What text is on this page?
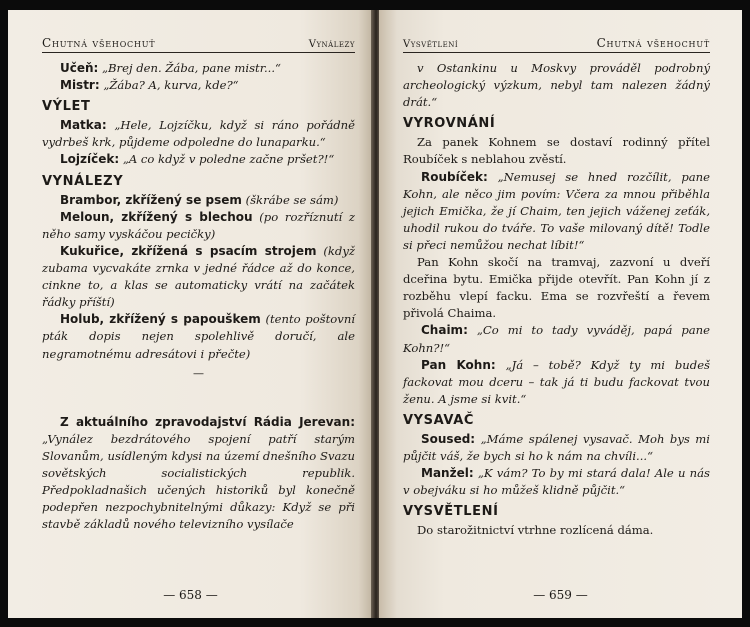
Chutná všehochuť	Vynálezy

Učeň: „Brej den. Žába, pane mistr...“

Mistr: „Žába? A, kurva, kde?“

VÝLET

Matka: „Hele, Lojzíčku, když si ráno pořádně vydrbeš krk, půjdeme odpoledne do lunaparku.“

Lojzíček: „A co když v poledne začne pršet?!“

VYNÁLEZY

Brambor, zkřížený se psem (škrábe se sám)

Meloun, zkřížený s blechou (po rozříznutí z něho samy vyskáčou pecičky)

Kukuřice, zkřížená s psacím strojem (když zubama vycvakáte zrnka v jedné řádce až do konce, cinkne to, a klas se automaticky vrátí na začátek řádky příští)

Holub, zkřížený s papouškem (tento poštovní pták dopis nejen spolehlivě doručí, ale negramotnému adresátovi i přečte)

—

Z aktuálního zpravodajství Rádia Jerevan: „Vynález bezdrátového spojení patří starým Slovanům, usídleným kdysi na území dnešního Svazu sovětských socialistických republik. Předpokladnašich učených historiků byl konečně podepřen nezpochybnitelnými důkazy: Když se při stavbě základů nového televizního vysílače

— 658 —
Vysvětlení	Chutná všehochuť

v Ostankinu u Moskvy prováděl podrobný archeologický výzkum, nebyl tam nalezen žádný drát.“

VYROVNÁNÍ

Za panek Kohnem se dostaví rodinný přítel Roubíček s neblahou zvěstí.

Roubíček: „Nemusej se hned rozčílit, pane Kohn, ale něco jim povím: Včera za mnou přiběhla jejich Emička, že jí Chaim, ten jejich váženej zeťák, uhodil rukou do tváře. To vaše milovaný dítě! Todle si přeci nemůžou nechat líbit!“

Pan Kohn skočí na tramvaj, zazvoní u dveří dceřina bytu. Emička přijde otevřít. Pan Kohn jí z rozběhu vlepí facku. Ema se rozvřeští a řevem přivolá Chaima.

Chaim: „Co mi to tady vyváděj, papá pane Kohn?!“

Pan Kohn: „Já – tobě? Když ty mi budeš fackovat mou dceru – tak já ti budu fackovat tvou ženu. A jsme si kvit.“

VYSAVAČ

Soused: „Máme spálenej vysavač. Moh bys mi půjčit váš, že bych si ho k nám na chvíli...“

Manžel: „K vám? To by mi stará dala! Ale u nás v obejváku si ho můžeš klidně půjčit.“

VYSVĚTLENÍ

Do starožitnictví vtrhne rozlícená dáma.

— 659 —
